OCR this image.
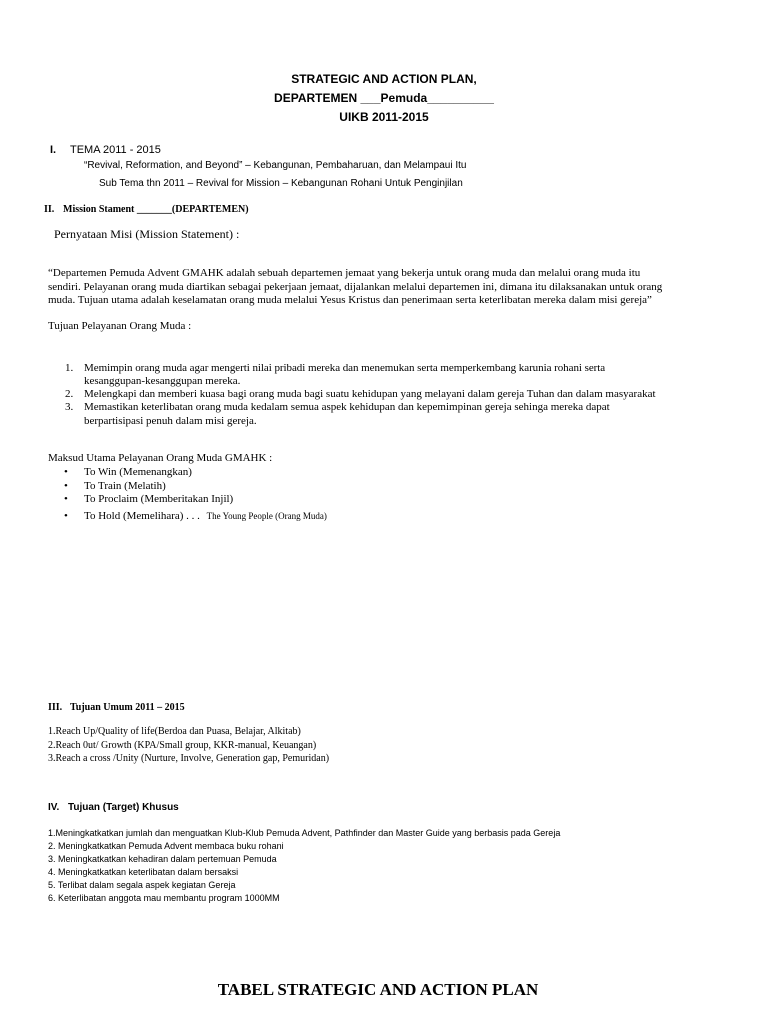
STRATEGIC AND ACTION PLAN,
DEPARTEMEN ___Pemuda__________
UIKB 2011-2015
I. TEMA 2011 - 2015
“Revival, Reformation, and Beyond” – Kebangunan, Pembaharuan, dan Melampaui Itu
Sub Tema thn 2011 – Revival for Mission – Kebangunan Rohani Untuk Penginjilan
II. Mission Stament _______(DEPARTEMEN)
Pernyataan Misi (Mission Statement) :
“Departemen Pemuda Advent GMAHK adalah sebuah departemen jemaat yang bekerja untuk orang muda dan melalui orang muda itu
sendiri. Pelayanan orang muda diartikan sebagai pekerjaan jemaat, dijalankan melalui departemen ini, dimana itu dilaksanakan untuk orang
muda. Tujuan utama adalah keselamatan orang muda melalui Yesus Kristus dan penerimaan serta keterlibatan mereka dalam misi gereja”
Tujuan Pelayanan Orang Muda :
1. Memimpin orang muda agar mengerti nilai pribadi mereka dan menemukan serta memperkembang karunia rohani serta
kesanggupan-kesanggupan mereka.
2. Melengkapi dan memberi kuasa bagi orang muda bagi suatu kehidupan yang melayani dalam gereja Tuhan dan dalam masyarakat
3. Memastikan keterlibatan orang muda kedalam semua aspek kehidupan dan kepemimpinan gereja sehinga mereka dapat
berpartisipasi penuh dalam misi gereja.
Maksud Utama Pelayanan Orang Muda GMAHK :
• To Win (Memenangkan)
• To Train (Melatih)
• To Proclaim (Memberitakan Injil)
• To Hold (Memelihara) . . . The Young People (Orang Muda)
III. Tujuan Umum 2011 – 2015
1.Reach Up/Quality of life(Berdoa dan Puasa, Belajar, Alkitab)
2.Reach 0ut/ Growth (KPA/Small group, KKR-manual, Keuangan)
3.Reach a cross /Unity (Nurture, Involve, Generation gap, Pemuridan)
IV. Tujuan (Target) Khusus
1.Meningkatkatkan jumlah dan menguatkan Klub-Klub Pemuda Advent, Pathfinder dan Master Guide yang berbasis pada Gereja
2. Meningkatkatkan Pemuda Advent membaca buku rohani
3. Meningkatkatkan kehadiran dalam pertemuan Pemuda
4. Meningkatkatkan keterlibatan dalam bersaksi
5. Terlibat dalam segala aspek kegiatan Gereja
6. Keterlibatan anggota mau membantu program 1000MM
TABEL STRATEGIC AND ACTION PLAN
